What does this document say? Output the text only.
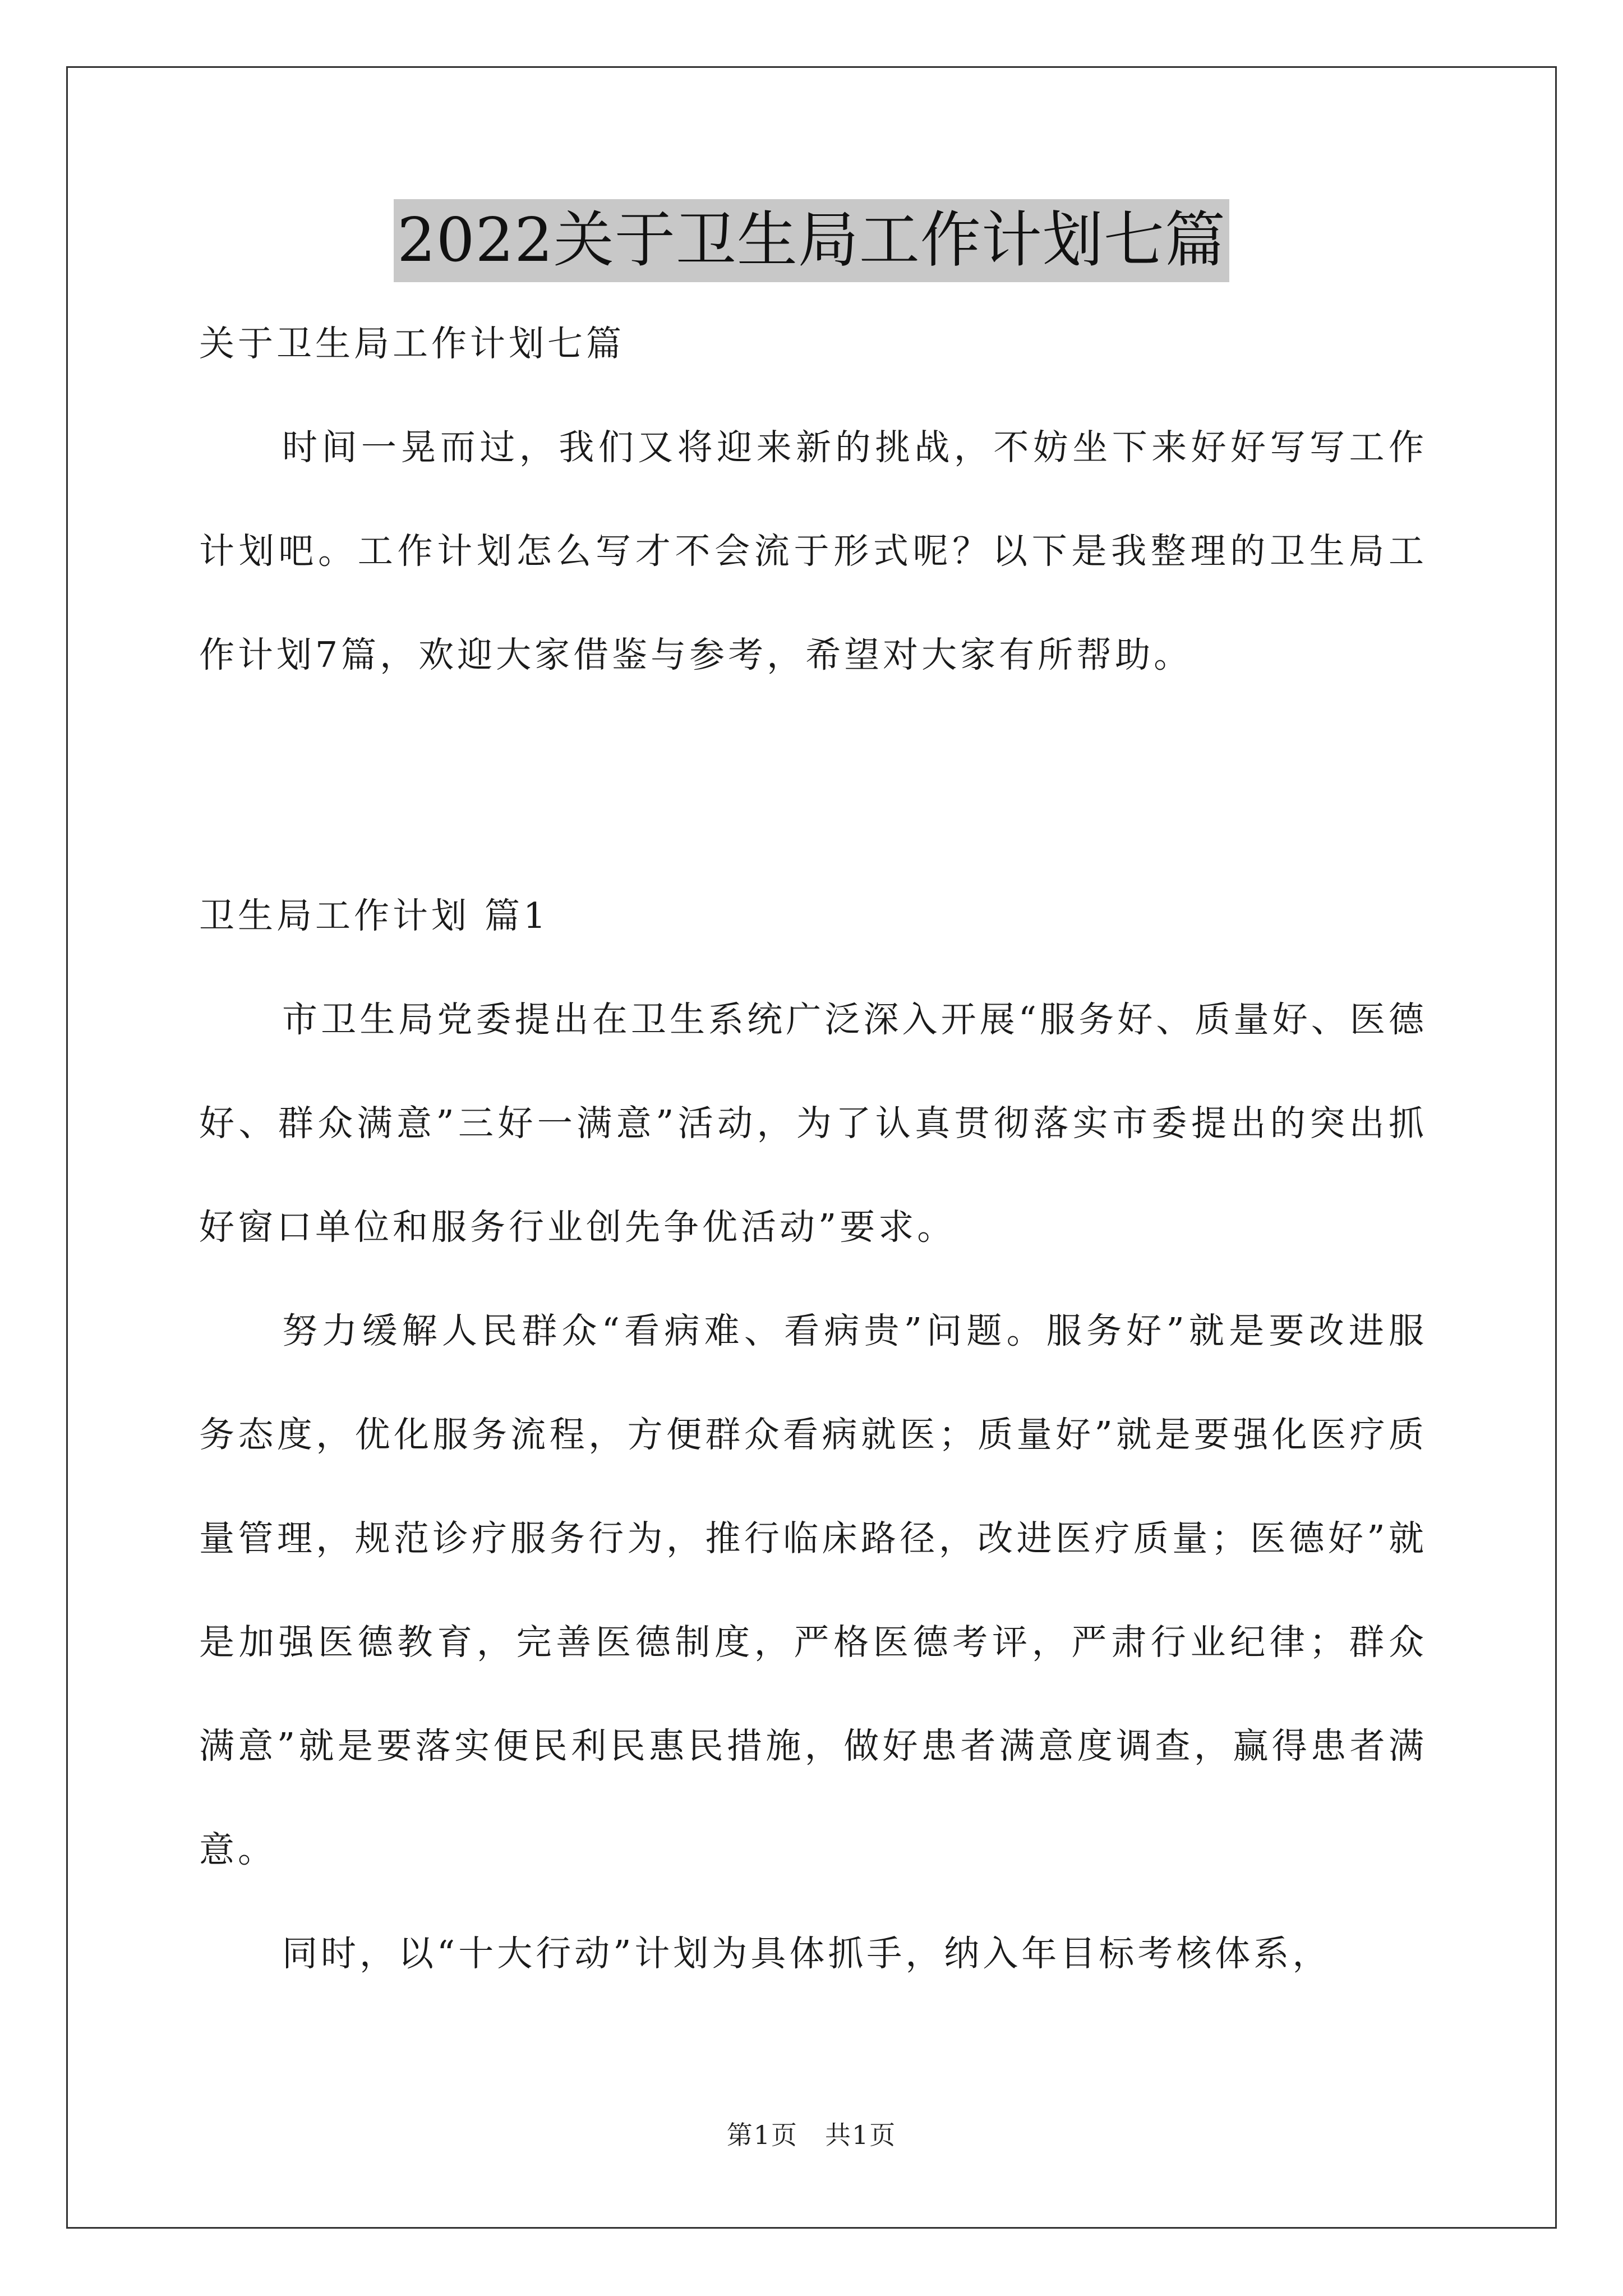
2022关于卫生局工作计划七篇

关于卫生局工作计划七篇

时间一晃而过，我们又将迎来新的挑战，不妨坐下来好好写写工作计划吧。工作计划怎么写才不会流于形式呢？以下是我整理的卫生局工作计划7篇，欢迎大家借鉴与参考，希望对大家有所帮助。

卫生局工作计划 篇1

市卫生局党委提出在卫生系统广泛深入开展“服务好、质量好、医德好、群众满意”三好一满意”活动，为了认真贯彻落实市委提出的突出抓好窗口单位和服务行业创先争优活动”要求。

努力缓解人民群众“看病难、看病贵”问题。服务好”就是要改进服务态度，优化服务流程，方便群众看病就医；质量好”就是要强化医疗质量管理，规范诊疗服务行为，推行临床路径，改进医疗质量；医德好”就是加强医德教育，完善医德制度，严格医德考评，严肃行业纪律；群众满意”就是要落实便民利民惠民措施，做好患者满意度调查，赢得患者满意。

同时，以“十大行动”计划为具体抓手，纳入年目标考核体系，

第1页　共1页
